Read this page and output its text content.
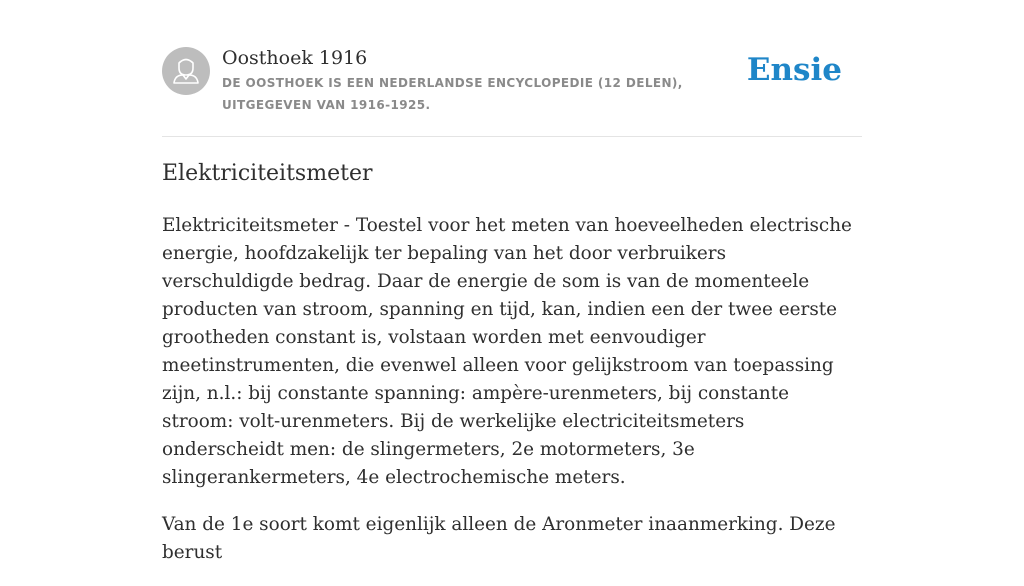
Oosthoek 1916
DE OOSTHOEK IS EEN NEDERLANDSE ENCYCLOPEDIE (12 DELEN), UITGEGEVEN VAN 1916-1925.
Ensie
Elektriciteitsmeter

Elektriciteitsmeter - Toestel voor het meten van hoeveelheden electrische energie, hoofdzakelijk ter bepaling van het door verbruikers verschuldigde bedrag. Daar de energie de som is van de momenteele producten van stroom, spanning en tijd, kan, indien een der twee eerste grootheden constant is, volstaan worden met eenvoudiger meetinstrumenten, die evenwel alleen voor gelijkstroom van toepassing zijn, n.l.: bij constante spanning: ampère-urenmeters, bij constante stroom: volt-urenmeters. Bij de werkelijke electriciteitsmeters onderscheidt men: de slingermeters, 2e motormeters, 3e slingerankermeters, 4e electrochemische meters.

Van de 1e soort komt eigenlijk alleen de Aronmeter inaanmerking. Deze berust
